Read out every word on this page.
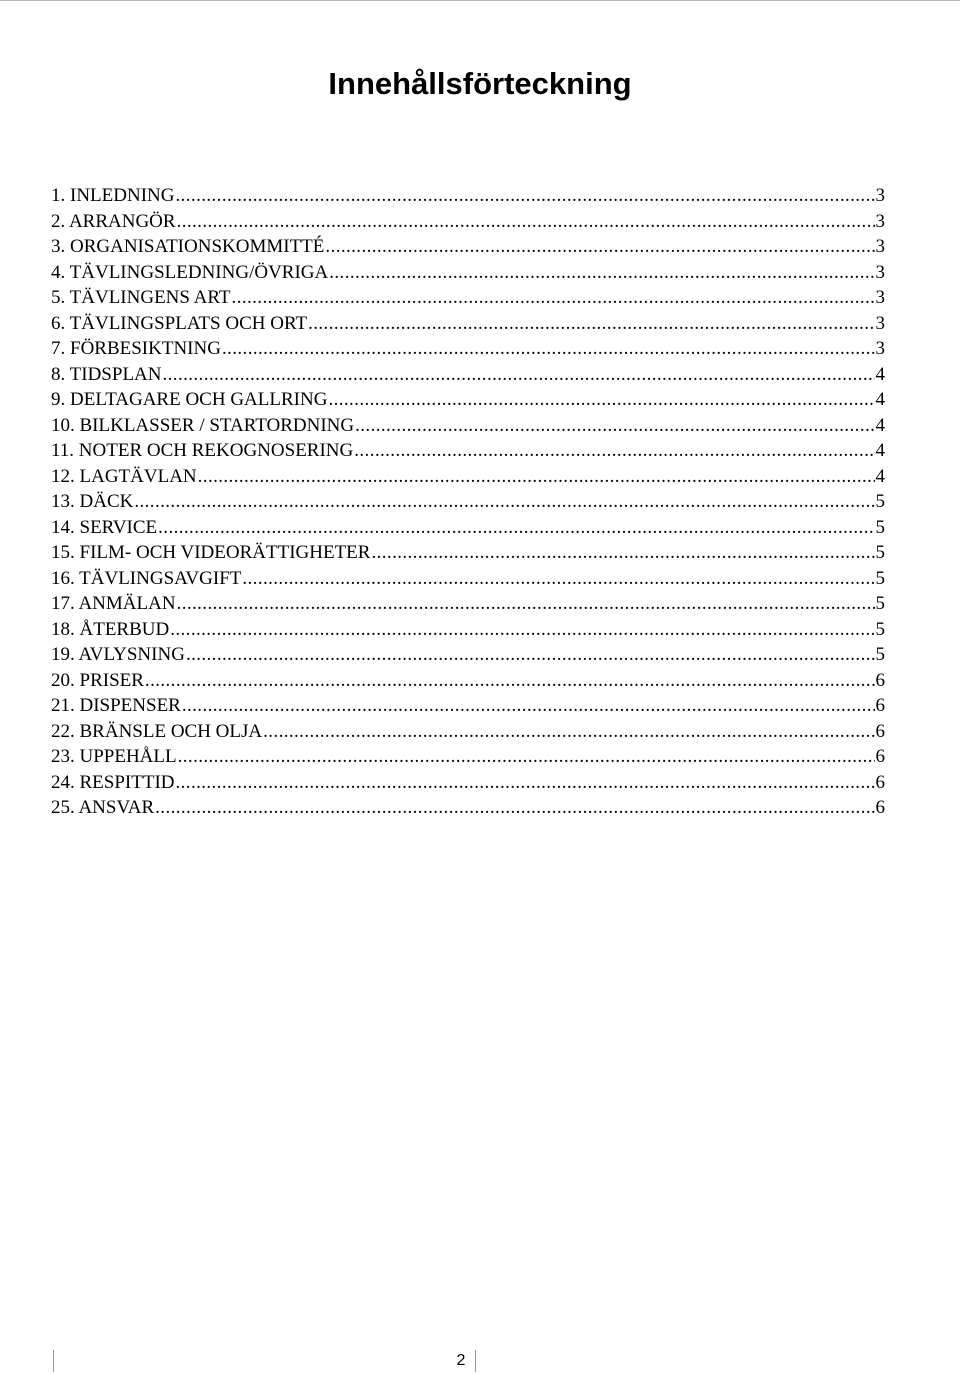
Innehållsförteckning
1. INLEDNING .....	3
2. ARRANGÖR .....	3
3. ORGANISATIONSKOMMITTÉ .....	3
4. TÄVLINGSLEDNING/ÖVRIGA .....	3
5. TÄVLINGENS ART .....	3
6. TÄVLINGSPLATS OCH ORT .....	3
7. FÖRBESIKTNING .....	3
8. TIDSPLAN .....	4
9. DELTAGARE OCH GALLRING .....	4
10. BILKLASSER / STARTORDNING .....	4
11. NOTER OCH REKOGNOSERING .....	4
12. LAGTÄVLAN .....	4
13. DÄCK .....	5
14. SERVICE .....	5
15. FILM- OCH VIDEORÄTTIGHETER .....	5
16. TÄVLINGSAVGIFT .....	5
17. ANMÄLAN .....	5
18. ÅTERBUD .....	5
19. AVLYSNING .....	5
20. PRISER .....	6
21. DISPENSER .....	6
22. BRÄNSLE OCH OLJA .....	6
23. UPPEHÅLL .....	6
24. RESPITTID .....	6
25. ANSVAR .....	6
2
